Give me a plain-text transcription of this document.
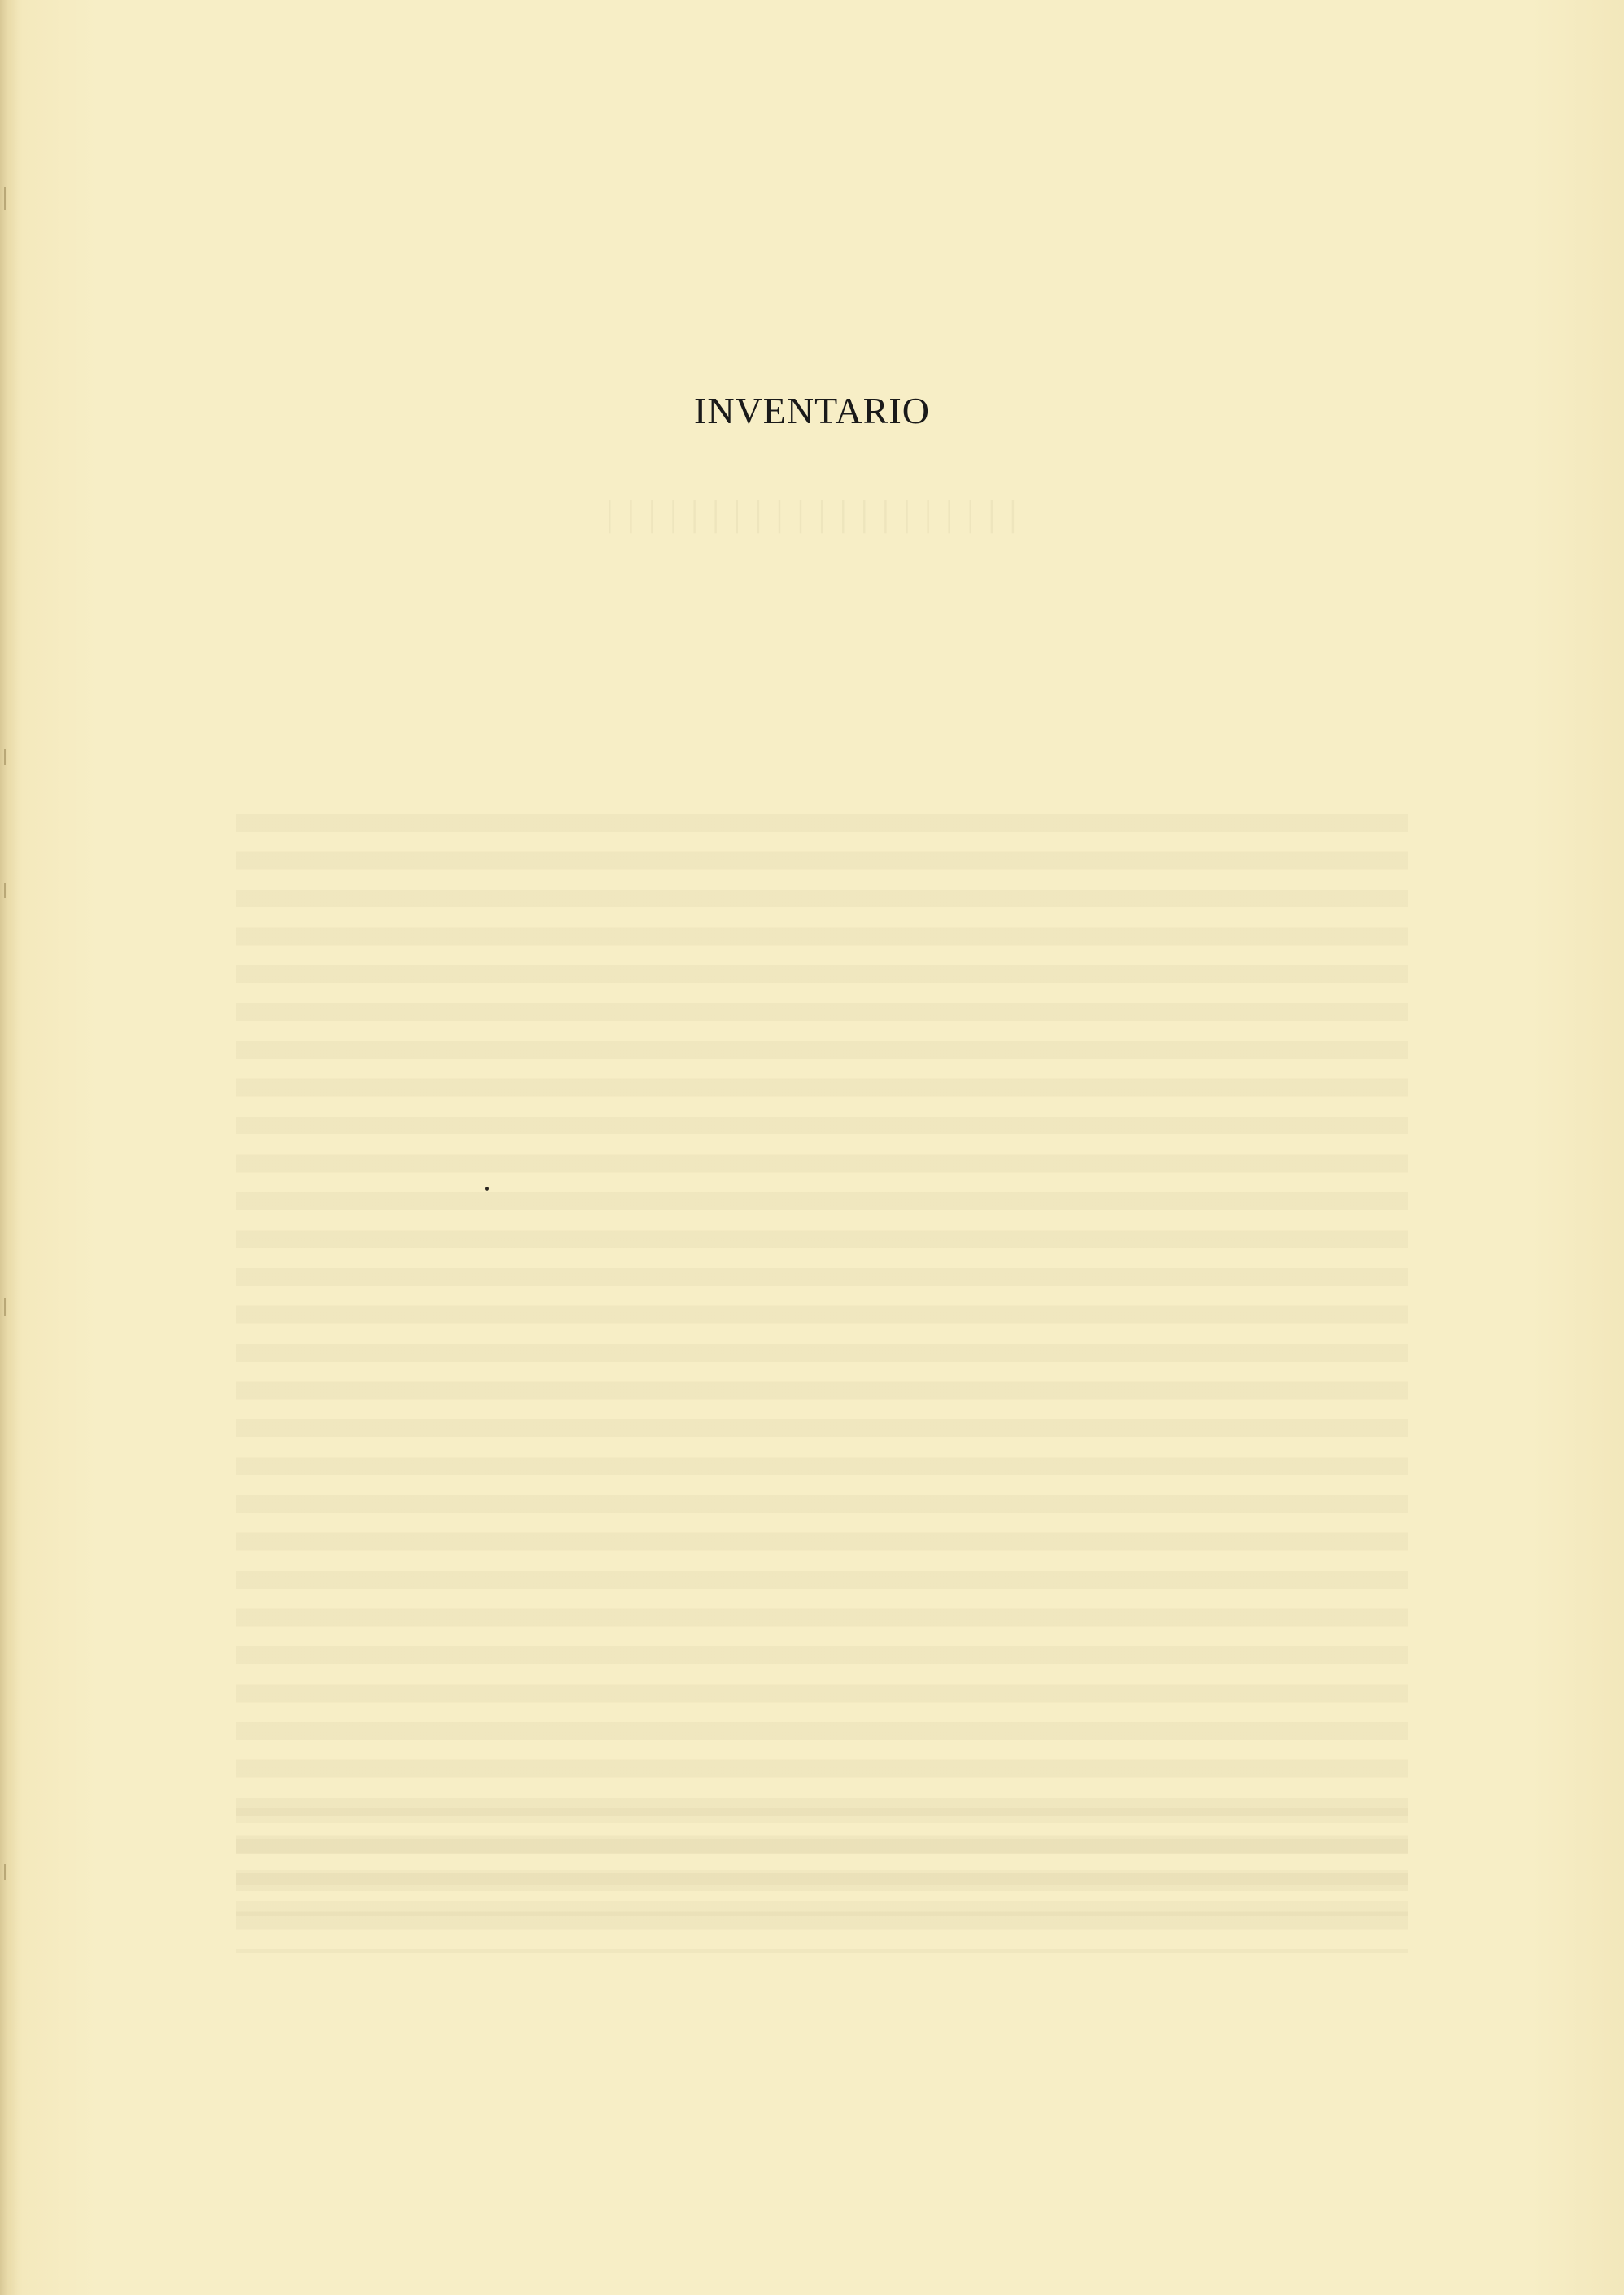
INVENTARIO
││││││││││││││││││││
